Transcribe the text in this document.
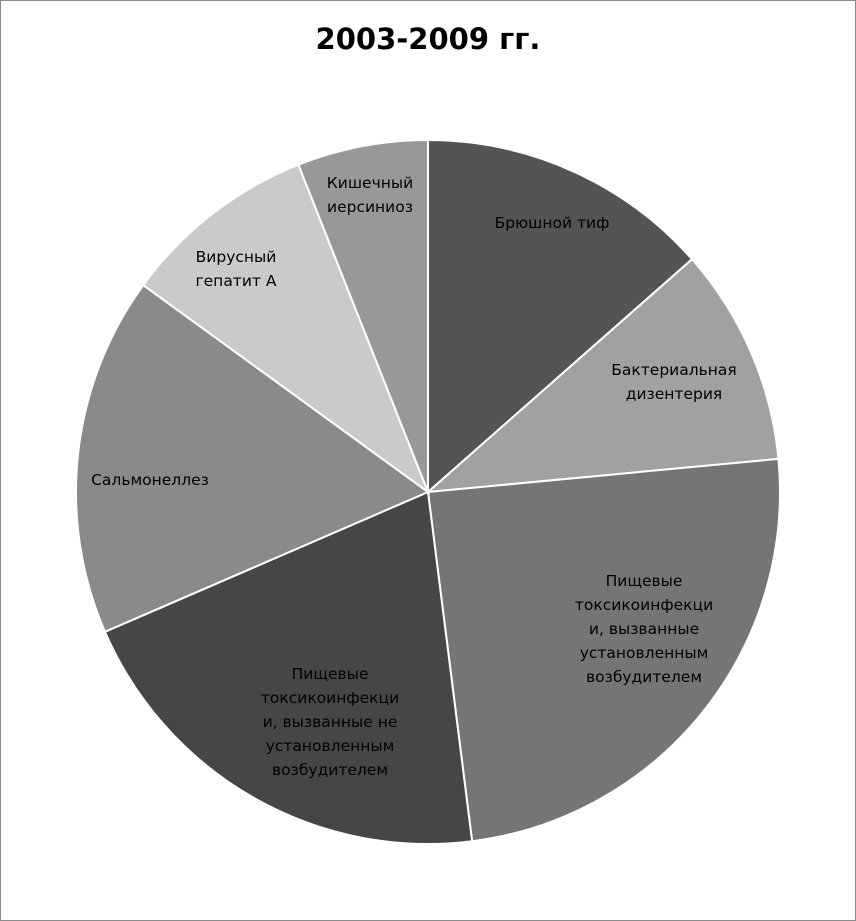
2003-2009 гг.
Брюшной тиф
Бактериальная дизентерия
Пищевые токсикоинфекци и, вызванные установленным возбудителем
Пищевые токсикоинфекци и, вызванные не установленным возбудителем
Сальмонеллез
Вирусный гепатит А
Кишечный иерсиниоз
